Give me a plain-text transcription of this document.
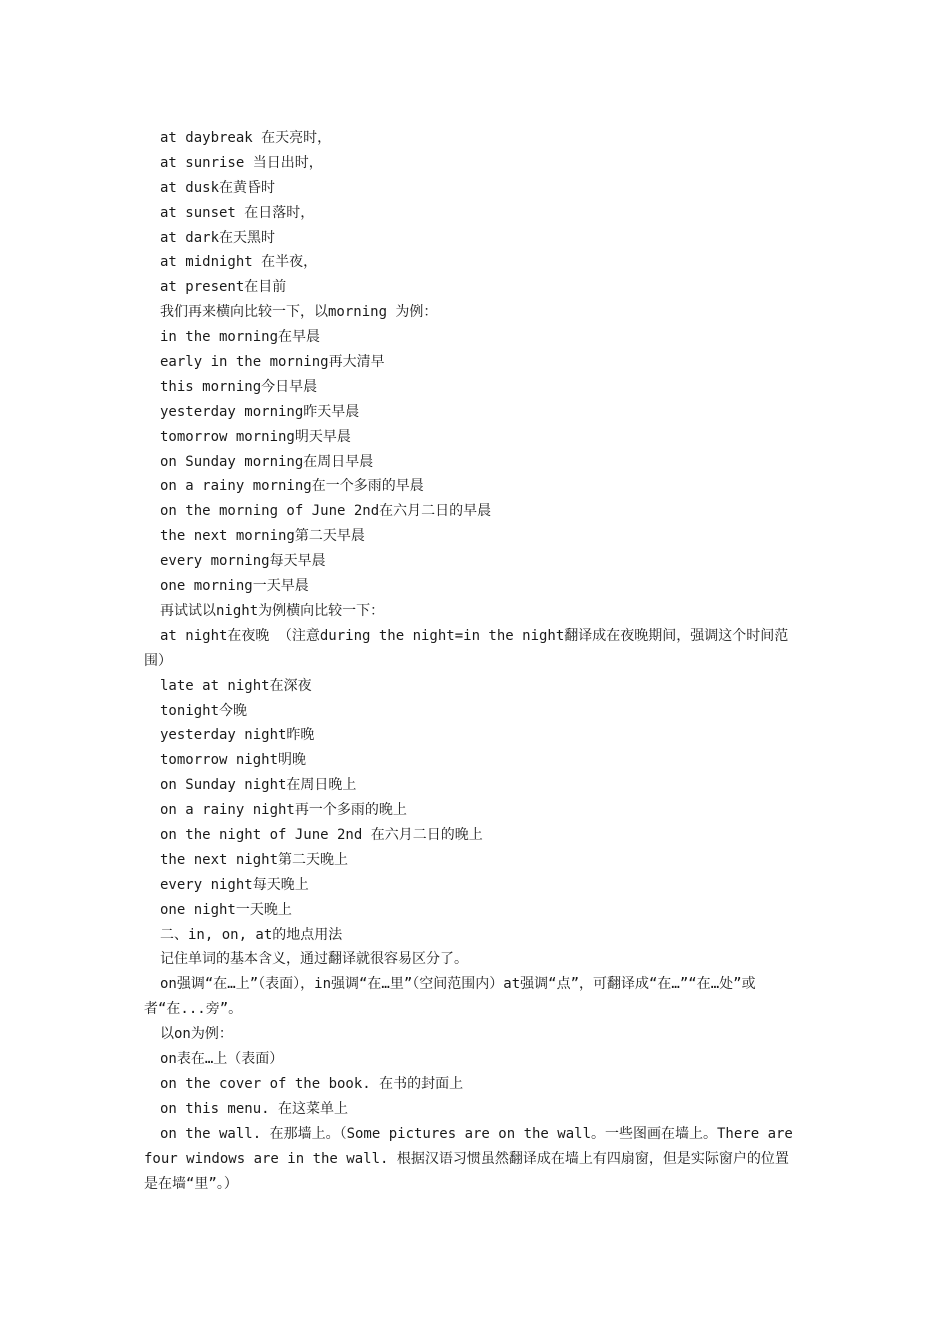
at daybreak 在天亮时，
at sunrise 当日出时，
at dusk在黄昏时
at sunset 在日落时，
at dark在天黑时
at midnight 在半夜，
at present在目前
我们再来横向比较一下，以morning 为例：
in the morning在早晨
early in the morning再大清早
this morning今日早晨
yesterday morning昨天早晨
tomorrow morning明天早晨
on Sunday morning在周日早晨
on a rainy morning在一个多雨的早晨
on the morning of June 2nd在六月二日的早晨
the next morning第二天早晨
every morning每天早晨
one morning一天早晨
再试试以night为例横向比较一下：
at night在夜晚 （注意during the night=in the night翻译成在夜晚期间，强调这个时间范围）
late at night在深夜
tonight今晚
yesterday night昨晚
tomorrow night明晚
on Sunday night在周日晚上
on a rainy night再一个多雨的晚上
on the night of June 2nd 在六月二日的晚上
the next night第二天晚上
every night每天晚上
one night一天晚上
二、in, on, at的地点用法
记住单词的基本含义，通过翻译就很容易区分了。
on强调“在…上”（表面），in强调“在…里”（空间范围内）at强调“点”，可翻译成“在…”“在…处”或者“在...旁”。
以on为例：
on表在…上（表面）
on the cover of the book. 在书的封面上
on this menu. 在这菜单上
on the wall. 在那墙上。（Some pictures are on the wall。一些图画在墙上。There are four windows are in the wall. 根据汉语习惯虽然翻译成在墙上有四扇窗，但是实际窗户的位置是在墙“里”。）
